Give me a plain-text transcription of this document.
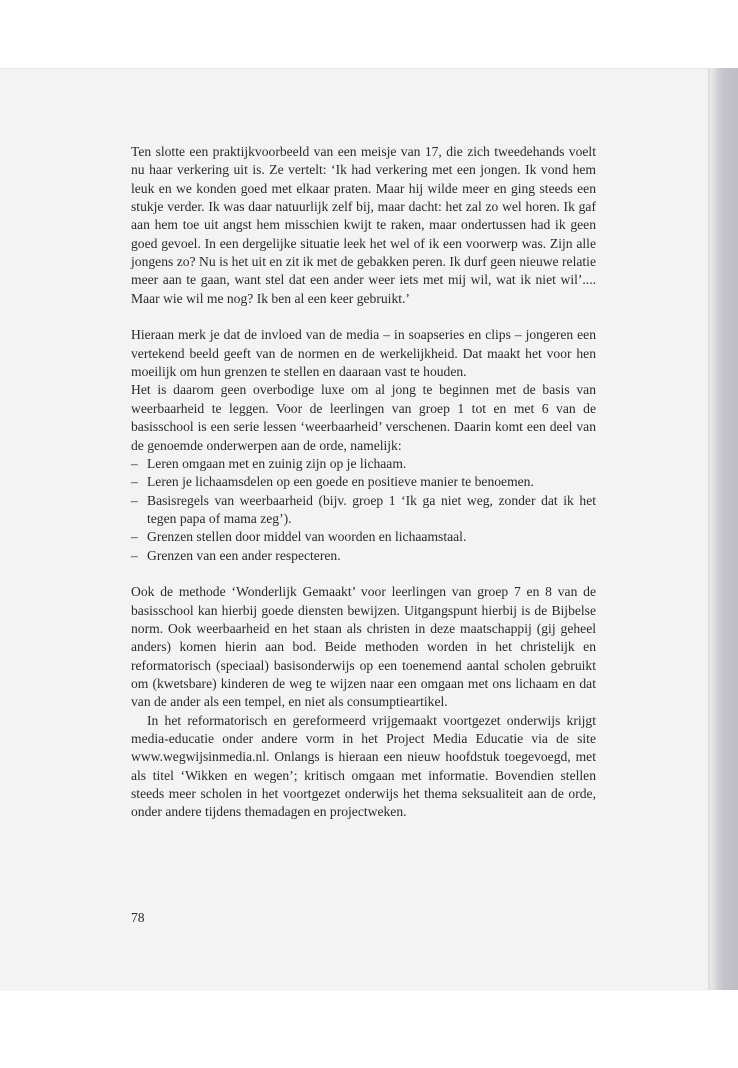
Ten slotte een praktijkvoorbeeld van een meisje van 17, die zich tweedehands voelt nu haar verkering uit is. Ze vertelt: ‘Ik had verkering met een jongen. Ik vond hem leuk en we konden goed met elkaar praten. Maar hij wilde meer en ging steeds een stukje verder. Ik was daar natuurlijk zelf bij, maar dacht: het zal zo wel horen. Ik gaf aan hem toe uit angst hem misschien kwijt te raken, maar ondertussen had ik geen goed gevoel. In een dergelijke situatie leek het wel of ik een voorwerp was. Zijn alle jongens zo? Nu is het uit en zit ik met de gebakken peren. Ik durf geen nieuwe relatie meer aan te gaan, want stel dat een ander weer iets met mij wil, wat ik niet wil’.... Maar wie wil me nog? Ik ben al een keer gebruikt.’

Hieraan merk je dat de invloed van de media – in soapseries en clips – jongeren een vertekend beeld geeft van de normen en de werkelijkheid. Dat maakt het voor hen moeilijk om hun grenzen te stellen en daaraan vast te houden.

Het is daarom geen overbodige luxe om al jong te beginnen met de basis van weerbaarheid te leggen. Voor de leerlingen van groep 1 tot en met 6 van de basisschool is een serie lessen ‘weerbaarheid’ verschenen. Daarin komt een deel van de genoemde onderwerpen aan de orde, namelijk:

– Leren omgaan met en zuinig zijn op je lichaam.
– Leren je lichaamsdelen op een goede en positieve manier te benoemen.
– Basisregels van weerbaarheid (bijv. groep 1 ‘Ik ga niet weg, zonder dat ik het tegen papa of mama zeg’).
– Grenzen stellen door middel van woorden en lichaamstaal.
– Grenzen van een ander respecteren.

Ook de methode ‘Wonderlijk Gemaakt’ voor leerlingen van groep 7 en 8 van de basisschool kan hierbij goede diensten bewijzen. Uitgangspunt hierbij is de Bijbelse norm. Ook weerbaarheid en het staan als christen in deze maatschappij (gij geheel anders) komen hierin aan bod. Beide methoden worden in het christelijk en reformatorisch (speciaal) basisonderwijs op een toenemend aantal scholen gebruikt om (kwetsbare) kinderen de weg te wijzen naar een omgaan met ons lichaam en dat van de ander als een tempel, en niet als consumptieartikel.

In het reformatorisch en gereformeerd vrijgemaakt voortgezet onderwijs krijgt media-educatie onder andere vorm in het Project Media Educatie via de site www.wegwijsinmedia.nl. Onlangs is hieraan een nieuw hoofdstuk toegevoegd, met als titel ‘Wikken en wegen’; kritisch omgaan met informatie. Bovendien stellen steeds meer scholen in het voortgezet onderwijs het thema seksualiteit aan de orde, onder andere tijdens themadagen en projectweken.

78
